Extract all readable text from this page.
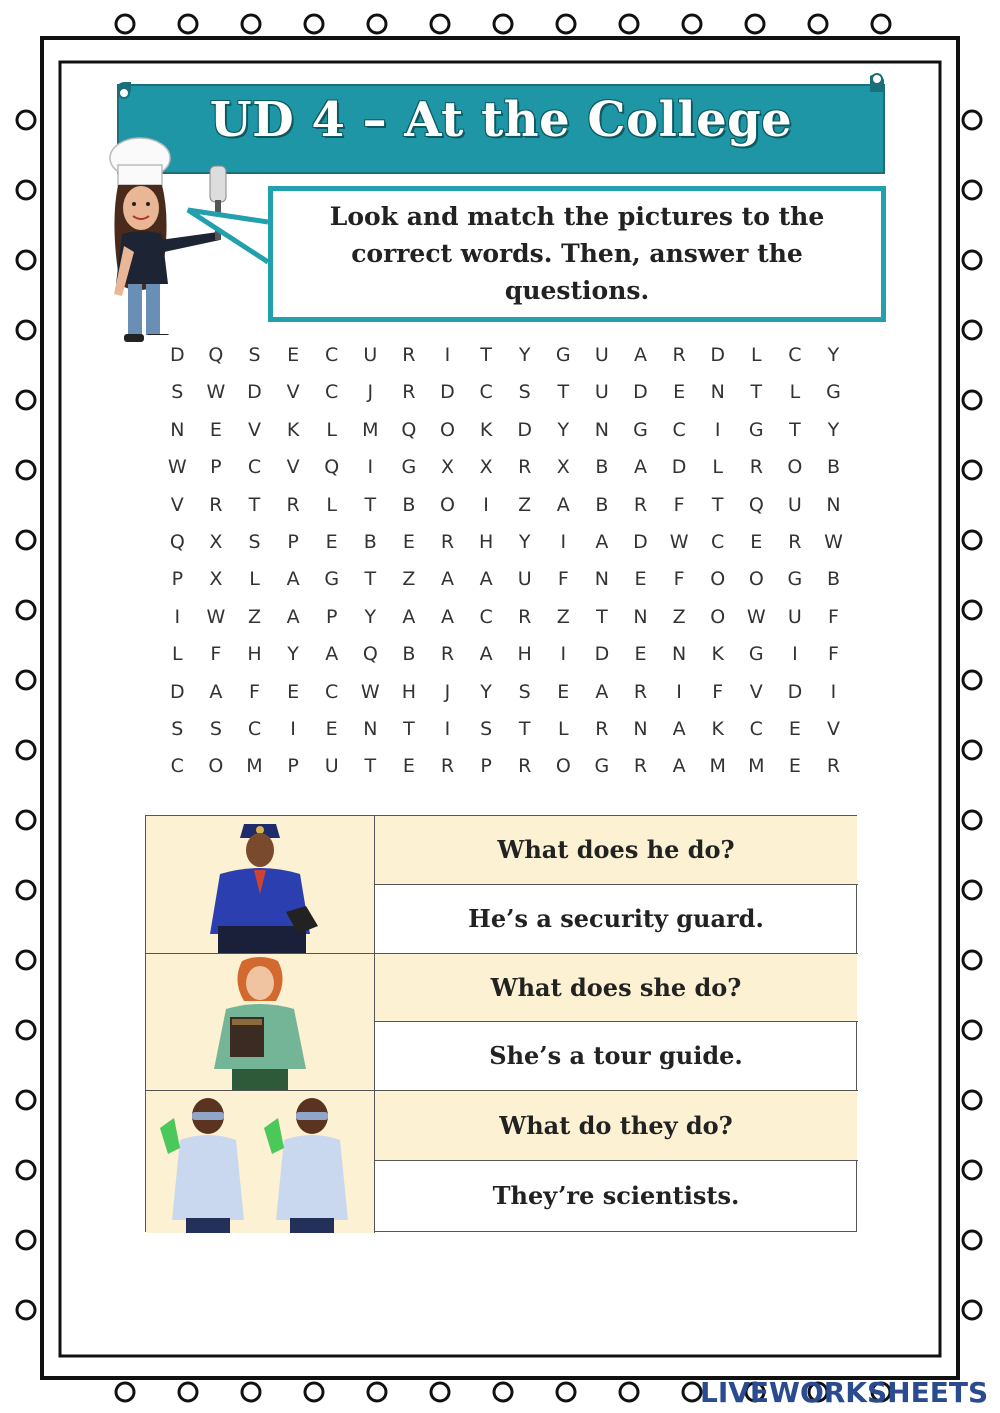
UD 4 – At the College
Look and match the pictures to the correct words. Then, answer the questions.
D	Q	S	E	C	U	R	I	T	Y	G	U	A	R	D	L	C	Y
S	W	D	V	C	J	R	D	C	S	T	U	D	E	N	T	L	G
N	E	V	K	L	M	Q	O	K	D	Y	N	G	C	I	G	T	Y
W	P	C	V	Q	I	G	X	X	R	X	B	A	D	L	R	O	B
V	R	T	R	L	T	B	O	I	Z	A	B	R	F	T	Q	U	N
Q	X	S	P	E	B	E	R	H	Y	I	A	D	W	C	E	R	W
P	X	L	A	G	T	Z	A	A	U	F	N	E	F	O	O	G	B
I	W	Z	A	P	Y	A	A	C	R	Z	T	N	Z	O	W	U	F
L	F	H	Y	A	Q	B	R	A	H	I	D	E	N	K	G	I	F
D	A	F	E	C	W	H	J	Y	S	E	A	R	I	F	V	D	I
S	S	C	I	E	N	T	I	S	T	L	R	N	A	K	C	E	V
C	O	M	P	U	T	E	R	P	R	O	G	R	A	M	M	E	R
What does he do?
He’s a security guard.
What does she do?
She’s a tour guide.
What do they do?
They’re scientists.
LIVEWORKSHEETS
